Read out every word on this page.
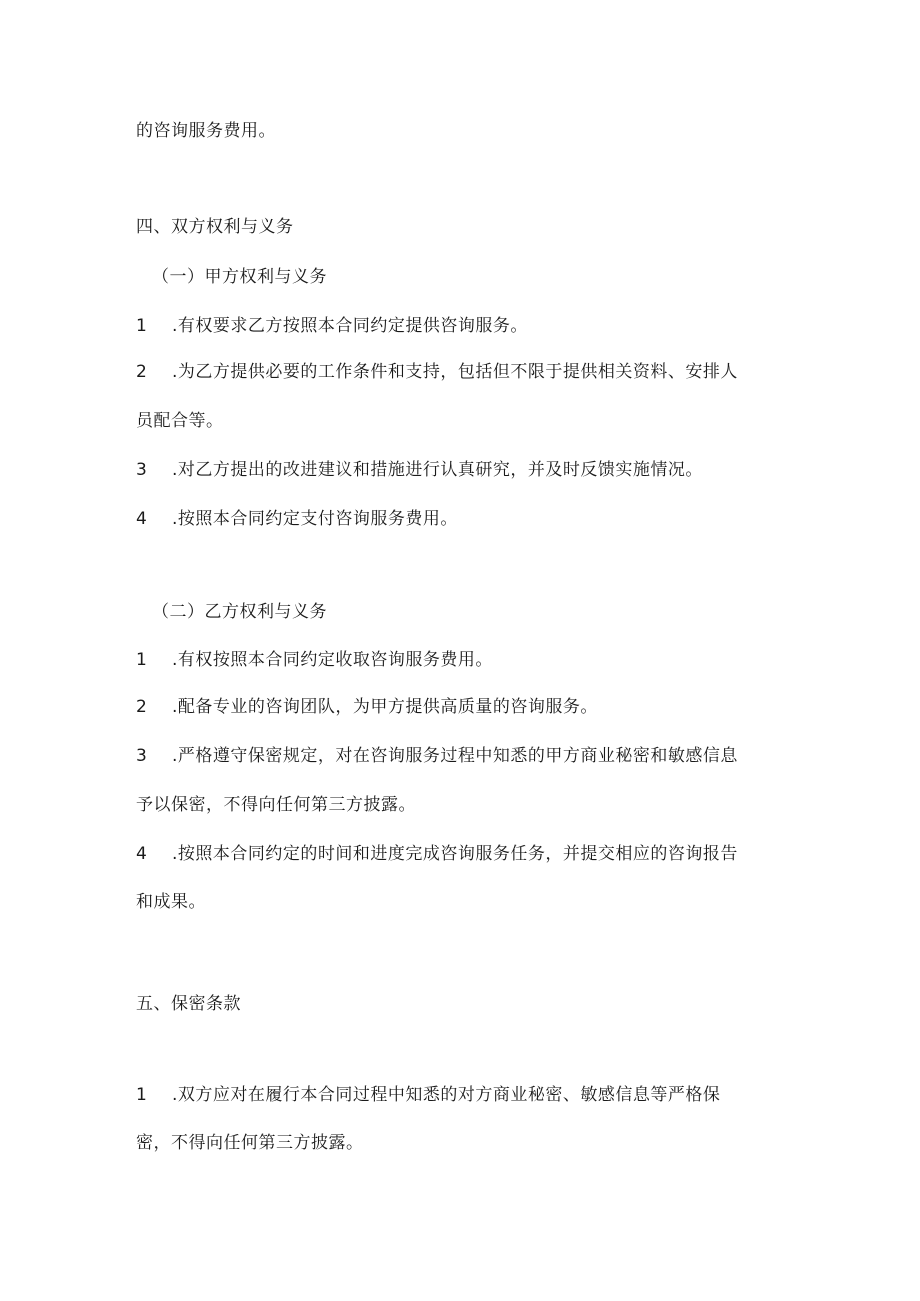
的咨询服务费用。
四、双方权利与义务
（一）甲方权利与义务
1 .有权要求乙方按照本合同约定提供咨询服务。
2 .为乙方提供必要的工作条件和支持，包括但不限于提供相关资料、安排人
员配合等。
3 .对乙方提出的改进建议和措施进行认真研究，并及时反馈实施情况。
4 .按照本合同约定支付咨询服务费用。
（二）乙方权利与义务
1 .有权按照本合同约定收取咨询服务费用。
2 .配备专业的咨询团队，为甲方提供高质量的咨询服务。
3 .严格遵守保密规定，对在咨询服务过程中知悉的甲方商业秘密和敏感信息
予以保密，不得向任何第三方披露。
4 .按照本合同约定的时间和进度完成咨询服务任务，并提交相应的咨询报告
和成果。
五、保密条款
1 .双方应对在履行本合同过程中知悉的对方商业秘密、敏感信息等严格保
密，不得向任何第三方披露。
